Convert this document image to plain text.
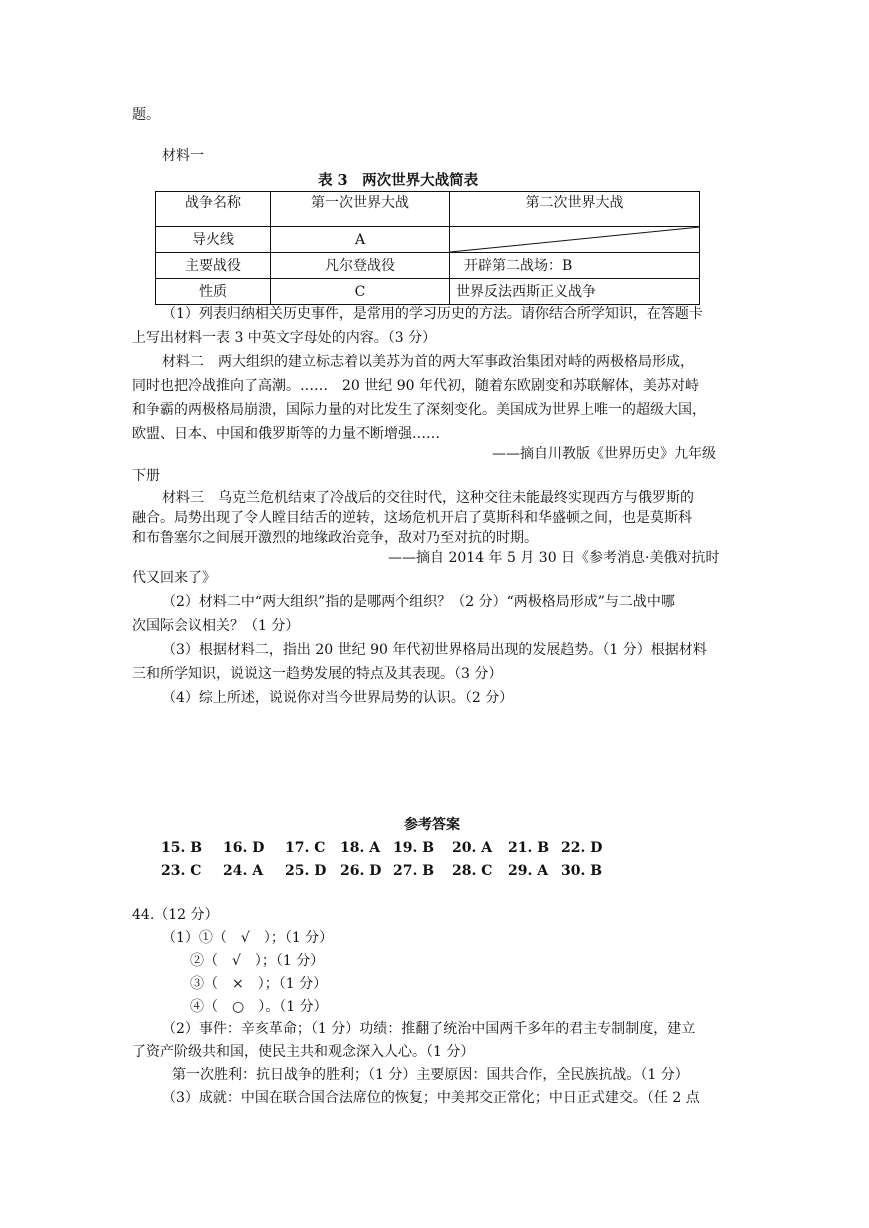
题。
材料一
表 3　两次世界大战简表
战争名称	第一次世界大战	第二次世界大战
导火线	A	

主要战役	凡尔登战役	开辟第二战场：B
性质	C	世界反法西斯正义战争
（1）列表归纳相关历史事件，是常用的学习历史的方法。请你结合所学知识，在答题卡
上写出材料一表 3 中英文字母处的内容。（3 分）
材料二　两大组织的建立标志着以美苏为首的两大军事政治集团对峙的两极格局形成，
同时也把冷战推向了高潮。……　20 世纪 90 年代初，随着东欧剧变和苏联解体，美苏对峙
和争霸的两极格局崩溃，国际力量的对比发生了深刻变化。美国成为世界上唯一的超级大国，
欧盟、日本、中国和俄罗斯等的力量不断增强……
——摘自川教版《世界历史》九年级
下册
材料三　乌克兰危机结束了冷战后的交往时代，这种交往未能最终实现西方与俄罗斯的
融合。局势出现了令人瞠目结舌的逆转，这场危机开启了莫斯科和华盛顿之间，也是莫斯科
和布鲁塞尔之间展开激烈的地缘政治竞争，敌对乃至对抗的时期。
——摘自 2014 年 5 月 30 日《参考消息·美俄对抗时
代又回来了》
（2）材料二中“两大组织”指的是哪两个组织？（2 分）“两极格局形成”与二战中哪
次国际会议相关？（1 分）
（3）根据材料二，指出 20 世纪 90 年代初世界格局出现的发展趋势。（1 分）根据材料
三和所学知识，说说这一趋势发展的特点及其表现。（3 分）
（4）综上所述，说说你对当今世界局势的认识。（2 分）
参考答案
15. B 16. D 17. C 18. A 19. B 20. A 21. B 22. D
23. C 24. A 25. D 26. D 27. B 28. C 29. A 30. B
44.（12 分）
（1）①（　√　）；（1 分）
②（　√　）；（1 分）
③（　×　）；（1 分）
④（　○　）。（1 分）
（2）事件：辛亥革命；（1 分）功绩：推翻了统治中国两千多年的君主专制制度，建立
了资产阶级共和国，使民主共和观念深入人心。（1 分）
第一次胜利：抗日战争的胜利；（1 分）主要原因：国共合作，全民族抗战。（1 分）
（3）成就：中国在联合国合法席位的恢复；中美邦交正常化；中日正式建交。（任 2 点
